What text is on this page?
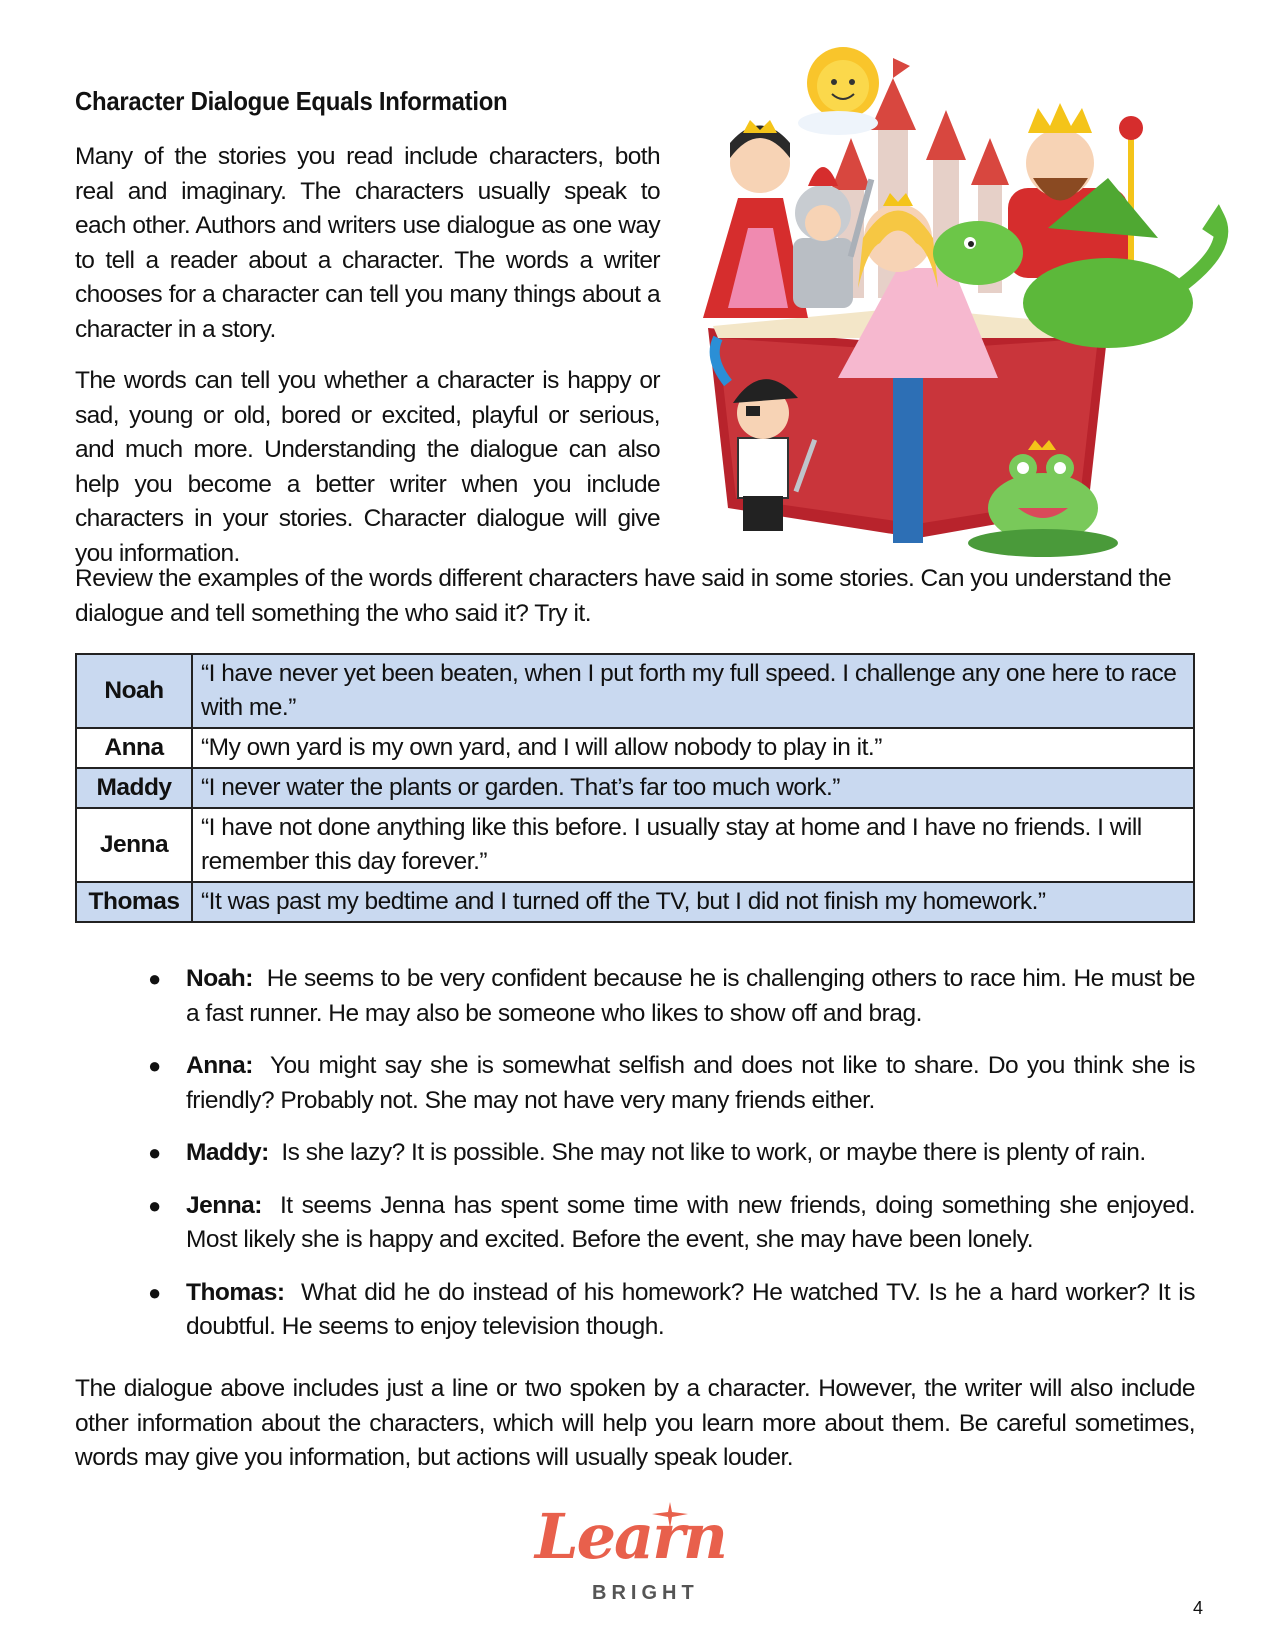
Character Dialogue Equals Information

Many of the stories you read include characters, both real and imaginary. The characters usually speak to each other. Authors and writers use dialogue as one way to tell a reader about a character. The words a writer chooses for a character can tell you many things about a character in a story.

The words can tell you whether a character is happy or sad, young or old, bored or excited, playful or serious, and much more. Understanding the dialogue can also help you become a better writer when you include characters in your stories. Character dialogue will give you information.

Review the examples of the words different characters have said in some stories. Can you understand the dialogue and tell something the who said it? Try it.

Noah	“I have never yet been beaten, when I put forth my full speed. I challenge any one here to race with me.”
Anna	“My own yard is my own yard, and I will allow nobody to play in it.”
Maddy	“I never water the plants or garden. That’s far too much work.”
Jenna	“I have not done anything like this before. I usually stay at home and I have no friends. I will remember this day forever.”
Thomas	“It was past my bedtime and I turned off the TV, but I did not finish my homework.”
● Noah: He seems to be very confident because he is challenging others to race him. He must be a fast runner. He may also be someone who likes to show off and brag.
● Anna: You might say she is somewhat selfish and does not like to share. Do you think she is friendly? Probably not. She may not have very many friends either.
● Maddy: Is she lazy? It is possible. She may not like to work, or maybe there is plenty of rain.
● Jenna: It seems Jenna has spent some time with new friends, doing something she enjoyed. Most likely she is happy and excited. Before the event, she may have been lonely.
● Thomas: What did he do instead of his homework? He watched TV. Is he a hard worker? It is doubtful. He seems to enjoy television though.

The dialogue above includes just a line or two spoken by a character. However, the writer will also include other information about the characters, which will help you learn more about them. Be careful sometimes, words may give you information, but actions will usually speak louder.

Learn
BRIGHT
4
